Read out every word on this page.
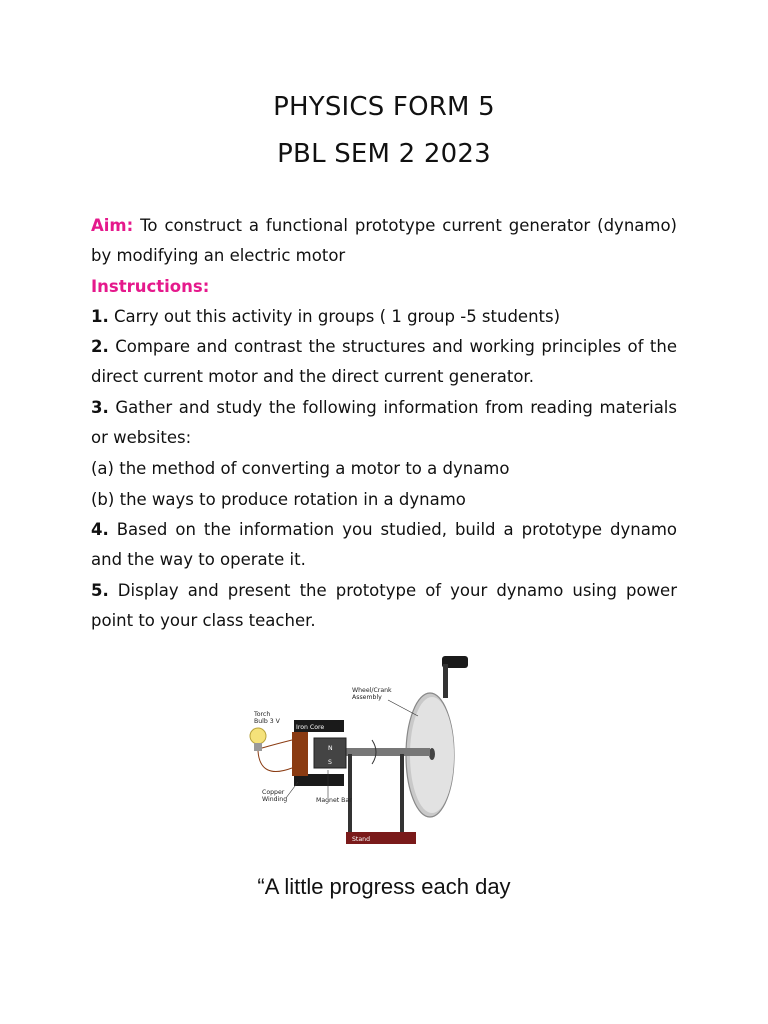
PHYSICS FORM 5
PBL SEM 2 2023
Aim: To construct a functional prototype current generator (dynamo) by modifying an electric motor
Instructions:
1. Carry out this activity in groups ( 1 group -5 students)
2. Compare and contrast the structures and working principles of the direct current motor and the direct current generator.
3. Gather and study the following information from reading materials or websites:
(a) the method of converting a motor to a dynamo
(b) the ways to produce rotation in a dynamo
4. Based on the information you studied, build a prototype dynamo and the way to operate it.
5. Display and present the prototype of your dynamo using power point to your class teacher.
Wheel/Crank
Assembly
Torch
Bulb 3 V
Iron Core
N
S
Copper
Winding	Magnet Bar
Stand
“A little progress each day
